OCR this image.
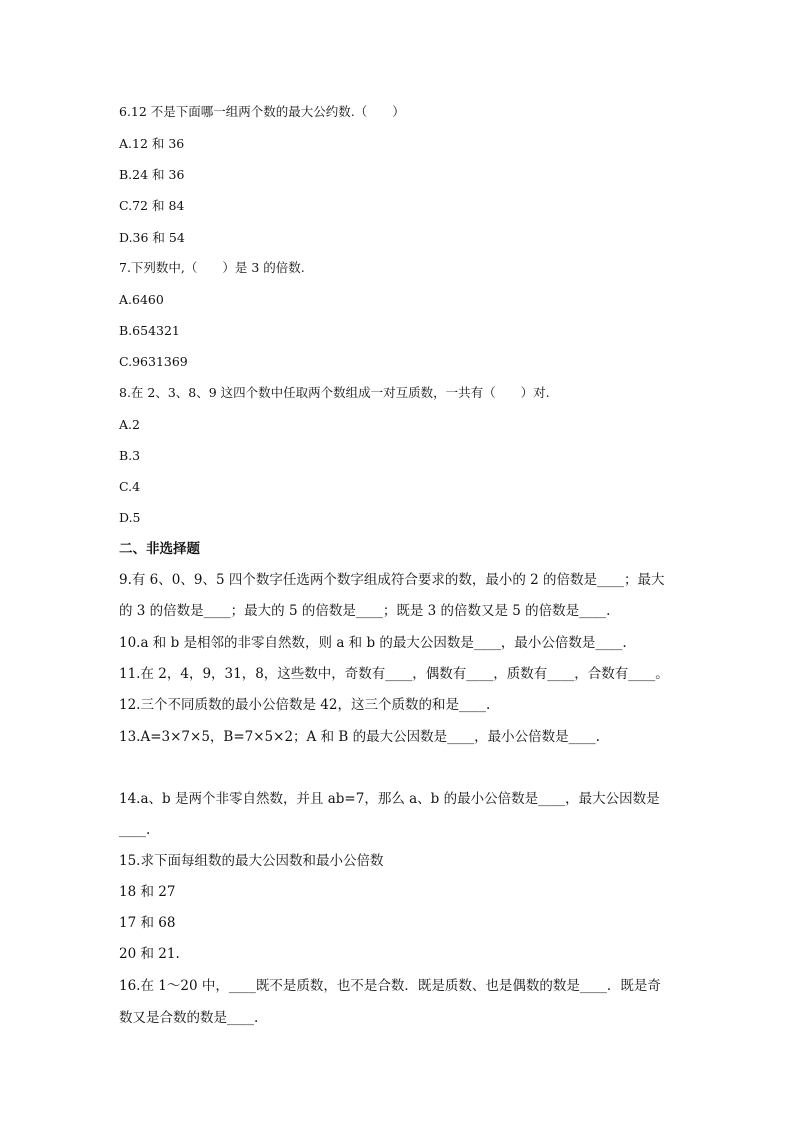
6.12 不是下面哪一组两个数的最大公约数.（　　）
A.12 和 36
B.24 和 36
C.72 和 84
D.36 和 54
7.下列数中,（　　）是 3 的倍数.
A.6460
B.654321
C.9631369
8.在 2、3、8、9 这四个数中任取两个数组成一对互质数，一共有（　　）对.
A.2
B.3
C.4
D.5
二、非选择题
9.有 6、0、9、5 四个数字任选两个数字组成符合要求的数，最小的 2 的倍数是____；最大
的 3 的倍数是____；最大的 5 的倍数是____；既是 3 的倍数又是 5 的倍数是____.
10.a 和 b 是相邻的非零自然数，则 a 和 b 的最大公因数是____，最小公倍数是____.
11.在 2，4，9，31，8，这些数中，奇数有____，偶数有____，质数有____，合数有____。
12.三个不同质数的最小公倍数是 42，这三个质数的和是____.
13.A=3×7×5，B=7×5×2；A 和 B 的最大公因数是____，最小公倍数是____.
14.a、b 是两个非零自然数，并且 ab=7，那么 a、b 的最小公倍数是____，最大公因数是
____.
15.求下面每组数的最大公因数和最小公倍数
18 和 27
17 和 68
20 和 21.
16.在 1～20 中，____既不是质数，也不是合数．既是质数、也是偶数的数是____．既是奇
数又是合数的数是____.
